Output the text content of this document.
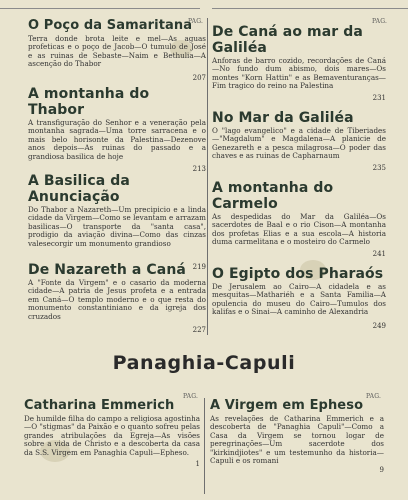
PAG.	PAG.
O Poço da Samaritana

Terra donde brota leite e mel—As aguas profeticas e o poço de Jacob—O tumulo de José e as ruinas de Sebaste—Naim e Bethulia—A ascenção do Thabor

207
A montanha do Thabor

A transfiguração do Senhor e a veneração pela montanha sagrada—Uma torre sarracena e o mais belo horisonte da Palestina—Dezenove anos depois—As ruinas do passado e a grandiosa basilica de hoje

213
A Basilica da Anunciação

Do Thabor a Nazareth—Um precipicio e a linda cidade da Virgem—Como se levantam e arrazam basilicas—O transporte da "santa casa", prodigio da aviação divina—Como das cinzas valesecorgir um monumento grandioso

219
De Nazareth a Caná

A "Fonte da Virgem" e o casario da moderna cidade—A patria de Jesus profeta e a entrada em Caná—O templo moderno e o que resta do monumento constantiniano e da igreja dos cruzados

227
De Caná ao mar da Galiléa

Anforas de barro cozido, recordações de Caná—No fundo dum abismo, dois mares—Os montes "Korn Hattin" e as Bemaventuranças—Fim tragico do reino na Palestina

231
No Mar da Galiléa

O "lago evangelico" e a cidade de Tiberiades—"Magdalum" e Magdalena—A planicie de Genezareth e a pesca milagrosa—O poder das chaves e as ruinas de Capharnaum

235
A montanha do Carmelo

As despedidas do Mar da Galiléa—Os sacerdotes de Baal e o rio Cison—A montanha dos profetas Elias e a sua escola—A historia duma carmelitana e o mosteiro do Carmelo

241
O Egipto dos Pharaós

De Jerusalem ao Cairo—A cidadela e as mesquitas—Mathariéh e a Santa Familia—A opulencia do museu do Cairo—Tumulos dos kalifas e o Sinai—A caminho de Alexandria

249
Panaghia-Capuli
PAG.	PAG.
Catharina Emmerich

De humilde filha do campo a religiosa agostinha—O "stigmas" da Paixão e o quanto sofreu pelas grandes atribulações da Egreja—As visões sobre a vida de Christo e a descoberta da casa da S.S. Virgem em Panaghia Capuli—Epheso.

1
A Virgem em Epheso

As revelações de Catharina Emmerich e a descoberta de "Panaghia Capuli"—Como a Casa da Virgem se tornou logar de peregrinações—Um sacerdote dos "kirkindjiotes" e um testemunho da historia—Capuli e os romani

9
